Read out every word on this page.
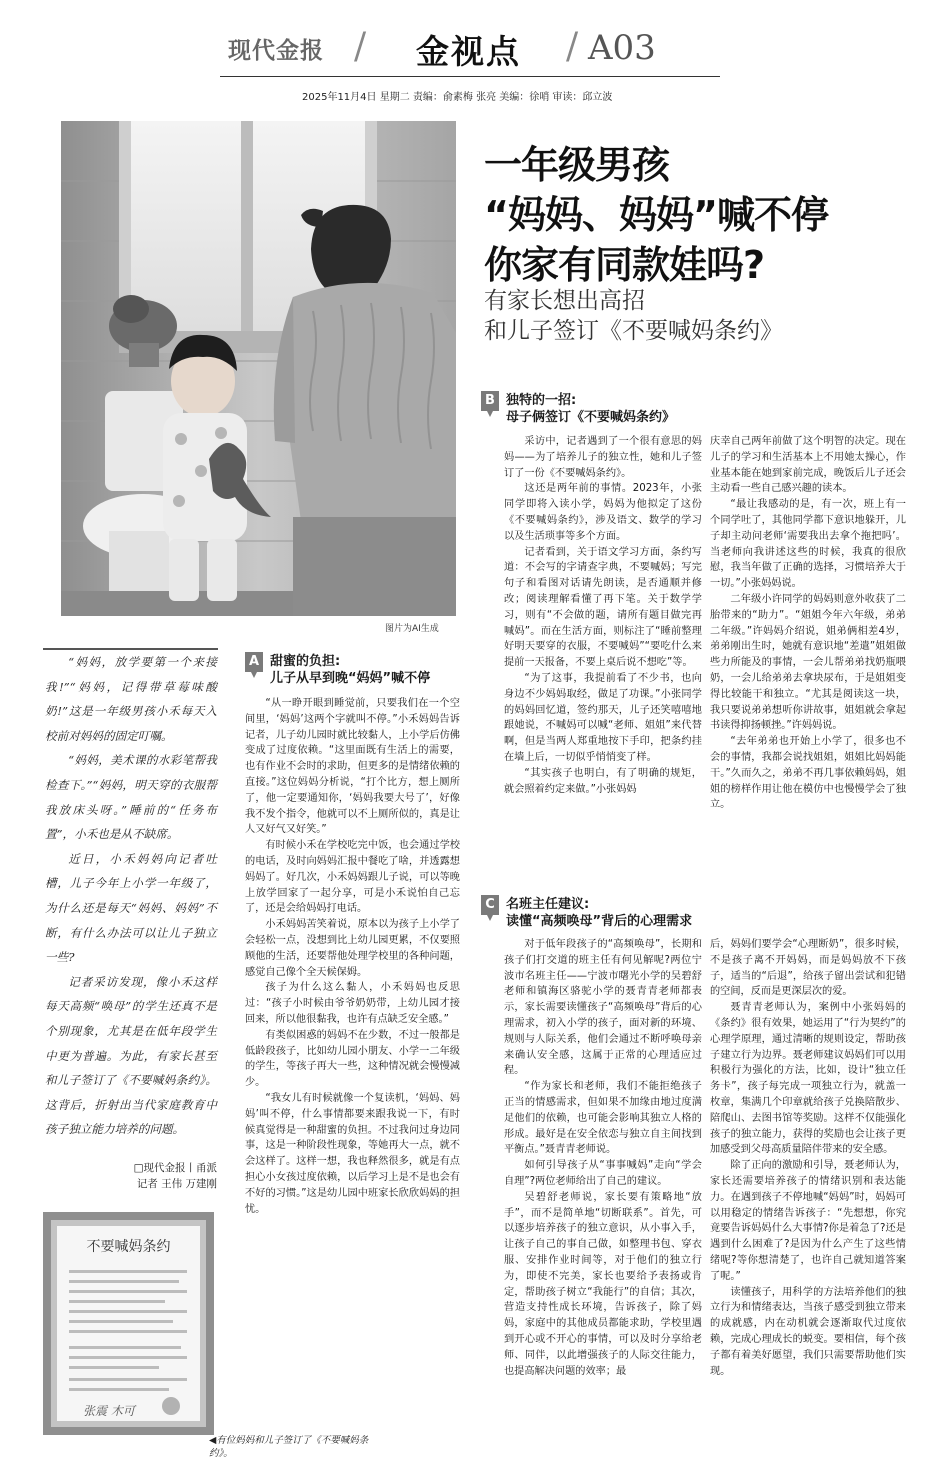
现代金报 / 金视点 / A03
2025年11月4日 星期二 责编：俞素梅 张亮 美编：徐哨 审读：邱立波
图片为AI生成
一年级男孩
“妈妈、妈妈”喊不停
你家有同款娃吗?
有家长想出高招
和儿子签订《不要喊妈条约》

“妈妈，放学要第一个来接我!”“妈妈，记得带草莓味酸奶!”这是一年级男孩小禾每天入校前对妈妈的固定叮嘱。

“妈妈，美术课的水彩笔帮我检查下。”“妈妈，明天穿的衣服帮我放床头呀。”睡前的“任务布置”，小禾也是从不缺席。

近日，小禾妈妈向记者吐槽，儿子今年上小学一年级了，为什么还是每天“妈妈、妈妈”不断，有什么办法可以让儿子独立一些?

记者采访发现，像小禾这样每天高频“唤母”的学生还真不是个别现象，尤其是在低年段学生中更为普遍。为此，有家长甚至和儿子签订了《不要喊妈条约》。这背后，折射出当代家庭教育中孩子独立能力培养的问题。

□现代金报丨甬派
记者 王伟 万建刚
不要喊妈条约
张震 木可
◀有位妈妈和儿子签订了《不要喊妈条约》。
A 甜蜜的负担:
儿子从早到晚“妈妈”喊不停

“从一睁开眼到睡觉前，只要我们在一个空间里，‘妈妈’这两个字就叫不停。”小禾妈妈告诉记者，儿子幼儿园时就比较黏人，上小学后仿佛变成了过度依赖。“这里面既有生活上的需要，也有作业不会时的求助，但更多的是情绪依赖的直接。”这位妈妈分析说，“打个比方，想上厕所了，他一定要通知你，‘妈妈我要大号了’，好像我不发个指令，他就可以不上厕所似的，真是让人又好气又好笑。”

有时候小禾在学校吃完中饭，也会通过学校的电话，及时向妈妈汇报中餐吃了啥，并透露想妈妈了。好几次，小禾妈妈跟儿子说，可以等晚上放学回家了一起分享，可是小禾说怕自己忘了，还是会给妈妈打电话。

小禾妈妈苦笑着说，原本以为孩子上小学了会轻松一点，没想到比上幼儿园更累，不仅要照顾他的生活，还要帮他处理学校里的各种问题，感觉自己像个全天候保姆。

孩子为什么这么黏人，小禾妈妈也反思过：“孩子小时候由爷爷奶奶带，上幼儿园才接回来，所以他很黏我，也许有点缺乏安全感。”

有类似困惑的妈妈不在少数，不过一般都是低龄段孩子，比如幼儿园小朋友、小学一二年级的学生，等孩子再大一些，这种情况就会慢慢减少。

“我女儿有时候就像一个复读机，‘妈妈、妈妈’叫不停，什么事情都要来跟我说一下，有时候真觉得是一种甜蜜的负担。不过我问过身边同事，这是一种阶段性现象，等她再大一点，就不会这样了。这样一想，我也释然很多，就是有点担心小女孩过度依赖，以后学习上是不是也会有不好的习惯。”这是幼儿园中班家长欣欣妈妈的担忧。

B 独特的一招:
母子俩签订《不要喊妈条约》

采访中，记者遇到了一个很有意思的妈妈——为了培养儿子的独立性，她和儿子签订了一份《不要喊妈条约》。

这还是两年前的事情。2023年，小张同学即将入读小学，妈妈为他拟定了这份《不要喊妈条约》，涉及语文、数学的学习以及生活琐事等多个方面。

记者看到，关于语文学习方面，条约写道：不会写的字请查字典，不要喊妈；写完句子和看图对话请先朗读，是否通顺并修改；阅读理解看懂了再下笔。关于数学学习，则有“不会做的题，请所有题目做完再喊妈”。而在生活方面，则标注了“睡前整理好明天要穿的衣服，不要喊妈”“要吃什么来提前一天报备，不要上桌后说不想吃”等。

“为了这事，我提前看了不少书，也向身边不少妈妈取经，做足了功课。”小张同学的妈妈回忆道，签约那天，儿子还笑嘻嘻地跟她说，不喊妈可以喊“老师、姐姐”来代替啊，但是当两人郑重地按下手印，把条约挂在墙上后，一切似乎悄悄变了样。

“其实孩子也明白，有了明确的规矩，就会照着约定来做。”小张妈妈

庆幸自己两年前做了这个明智的决定。现在儿子的学习和生活基本上不用她太操心，作业基本能在她到家前完成，晚饭后儿子还会主动看一些自己感兴趣的读本。

“最让我感动的是，有一次，班上有一个同学吐了，其他同学都下意识地躲开，儿子却主动问老师‘需要我出去拿个拖把吗’。当老师向我讲述这些的时候，我真的很欣慰，我当年做了正确的选择，习惯培养大于一切。”小张妈妈说。

二年级小许同学的妈妈则意外收获了二胎带来的“助力”。“姐姐今年六年级，弟弟二年级。”许妈妈介绍说，姐弟俩相差4岁，弟弟刚出生时，她就有意识地“差遣”姐姐做些力所能及的事情，一会儿帮弟弟找奶瓶喂奶，一会儿给弟弟去拿块尿布，于是姐姐变得比较能干和独立。“尤其是阅读这一块，我只要说弟弟想听你讲故事，姐姐就会拿起书读得抑扬顿挫。”许妈妈说。

“去年弟弟也开始上小学了，很多也不会的事情，我都会说找姐姐，姐姐比妈妈能干。”久而久之，弟弟不再几事依赖妈妈，姐姐的榜样作用让他在模仿中也慢慢学会了独立。

C 名班主任建议:
读懂“高频唤母”背后的心理需求

对于低年段孩子的“高频唤母”，长期和孩子们打交道的班主任有何见解呢?两位宁波市名班主任——宁波市曙光小学的吴碧舒老师和镇海区骆驼小学的聂青青老师都表示，家长需要读懂孩子“高频唤母”背后的心理需求，初入小学的孩子，面对新的环境、规则与人际关系，他们会通过不断呼唤母亲来确认安全感，这属于正常的心理适应过程。

“作为家长和老师，我们不能拒绝孩子正当的情感需求，但如果不加缘由地过度满足他们的依赖，也可能会影响其独立人格的形成。最好是在安全依恋与独立自主间找到平衡点。”聂青青老师说。

如何引导孩子从“事事喊妈”走向“学会自理”?两位老师给出了自己的建议。

吴碧舒老师说，家长要有策略地“放手”，而不是简单地“切断联系”。首先，可以逐步培养孩子的独立意识，从小事入手，让孩子自己的事自己做，如整理书包、穿衣服、安排作业时间等，对于他们的独立行为，即使不完美，家长也要给予表扬或肯定，帮助孩子树立“我能行”的自信；其次，营造支持性成长环境，告诉孩子，除了妈妈，家庭中的其他成员都能求助，学校里遇到开心或不开心的事情，可以及时分享给老师、同伴，以此增强孩子的人际交往能力，也提高解决问题的效率；最

后，妈妈们要学会“心理断奶”，很多时候，不是孩子离不开妈妈，而是妈妈放不下孩子，适当的“后退”，给孩子留出尝试和犯错的空间，反而是更深层次的爱。

聂青青老师认为，案例中小张妈妈的《条约》很有效果，她运用了“行为契约”的心理学原理，通过清晰的规则设定，帮助孩子建立行为边界。聂老师建议妈妈们可以用积极行为强化的方法，比如，设计“独立任务卡”，孩子每完成一项独立行为，就盖一枚章，集满几个印章就给孩子兑换陪散步、陪爬山、去图书馆等奖励。这样不仅能强化孩子的独立能力，获得的奖励也会让孩子更加感受到父母高质量陪伴带来的安全感。

除了正向的激励和引导，聂老师认为，家长还需要培养孩子的情绪识别和表达能力。在遇到孩子不停地喊“妈妈”时，妈妈可以用稳定的情绪告诉孩子：“先想想，你究竟要告诉妈妈什么大事情?你是着急了?还是遇到什么困难了?是因为什么产生了这些情绪呢?等你想清楚了，也许自己就知道答案了呢。”

读懂孩子，用科学的方法培养他们的独立行为和情绪表达，当孩子感受到独立带来的成就感，内在动机就会逐渐取代过度依赖，完成心理成长的蜕变。要相信，每个孩子都有着美好愿望，我们只需要帮助他们实现。
